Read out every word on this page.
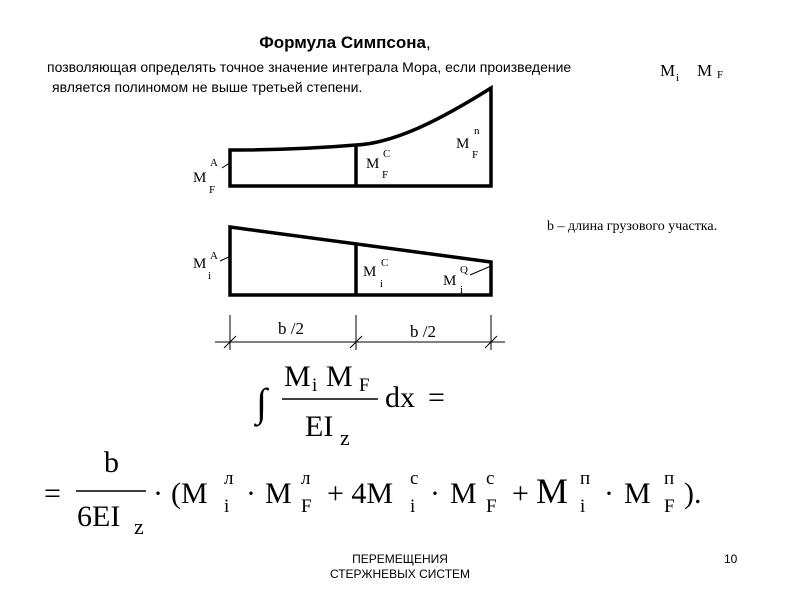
Формула Симпсона,
позволяющая определять точное значение интеграла Мора, если произведение
является полиномом не выше третьей степени.
M i M F
M
F
A	M
F
C
M
F
n
M
i
A
M
i
C
M
i
Q
b /2	b /2
∫
M i M F
EI z
dx =
=
b
6EI z
· (M i
л · M F
л + 4M i
с · M F
с + M i
п · M F
п ).
b – длина грузового участка.
ПЕРЕМЕЩЕНИЯ
СТЕРЖНЕВЫХ СИСТЕМ
10
